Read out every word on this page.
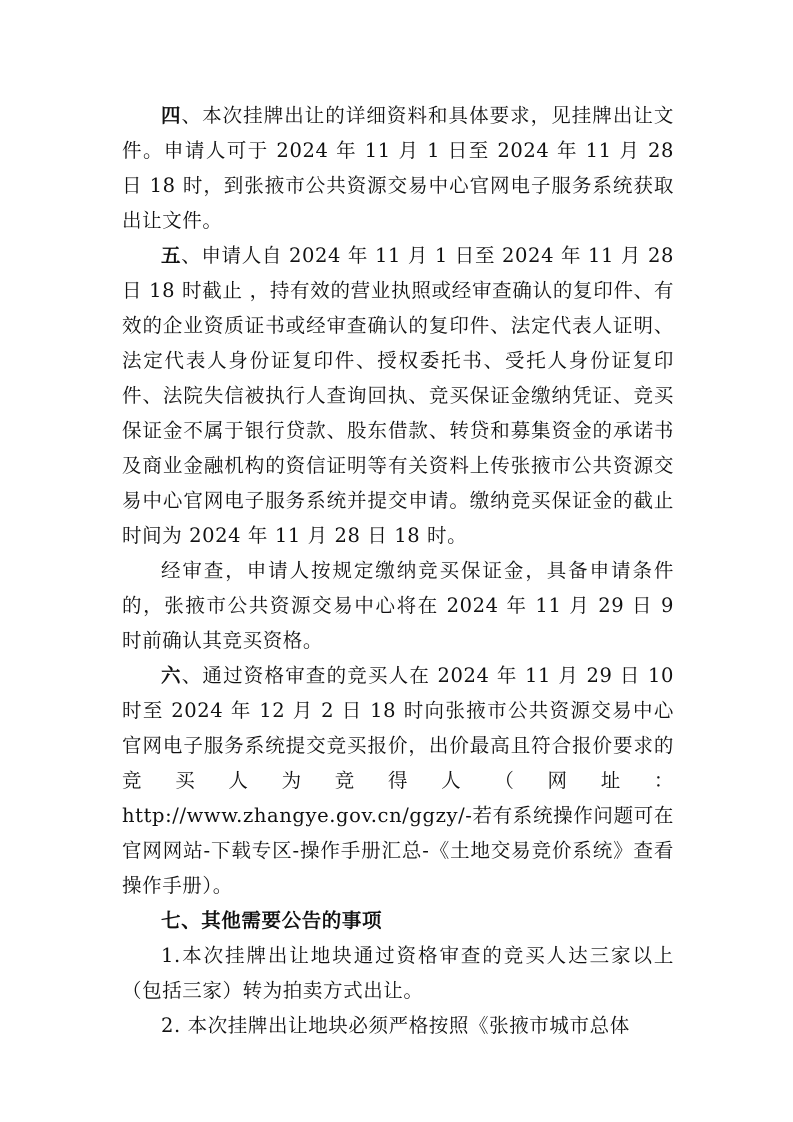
四、本次挂牌出让的详细资料和具体要求，见挂牌出让文件。申请人可于 2024 年 11 月 1 日至 2024 年 11 月 28 日 18 时，到张掖市公共资源交易中心官网电子服务系统获取出让文件。

五、申请人自 2024 年 11 月 1 日至 2024 年 11 月 28 日 18 时截止 ，持有效的营业执照或经审查确认的复印件、有效的企业资质证书或经审查确认的复印件、法定代表人证明、法定代表人身份证复印件、授权委托书、受托人身份证复印件、法院失信被执行人查询回执、竞买保证金缴纳凭证、竞买保证金不属于银行贷款、股东借款、转贷和募集资金的承诺书及商业金融机构的资信证明等有关资料上传张掖市公共资源交易中心官网电子服务系统并提交申请。缴纳竞买保证金的截止时间为 2024 年 11 月 28 日 18 时。

经审查，申请人按规定缴纳竞买保证金，具备申请条件的，张掖市公共资源交易中心将在 2024 年 11 月 29 日 9 时前确认其竞买资格。

六、通过资格审查的竞买人在 2024 年 11 月 29 日 10 时至 2024 年 12 月 2 日 18 时向张掖市公共资源交易中心官网电子服务系统提交竞买报价，出价最高且符合报价要求的竞买人为竞得人（网址：http://www.zhangye.gov.cn/ggzy/-若有系统操作问题可在官网网站-下载专区-操作手册汇总-《土地交易竞价系统》查看操作手册）。

七、其他需要公告的事项

1.本次挂牌出让地块通过资格审查的竞买人达三家以上（包括三家）转为拍卖方式出让。

2. 本次挂牌出让地块必须严格按照《张掖市城市总体
